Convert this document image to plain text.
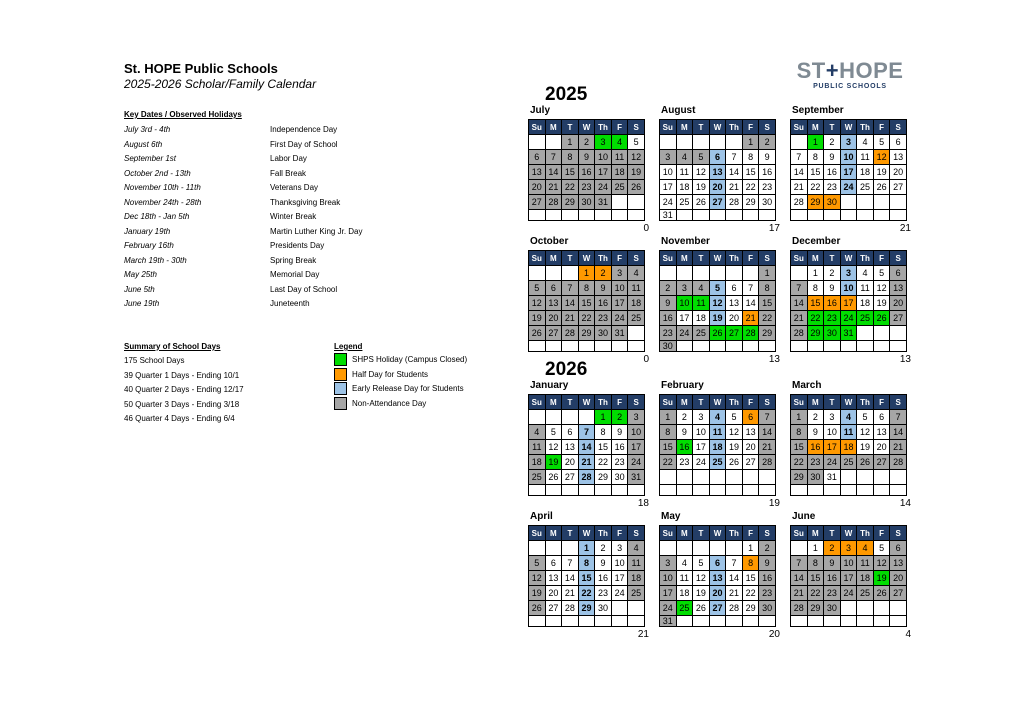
St. HOPE Public Schools
2025-2026 Scholar/Family Calendar
ST+HOPE
PUBLIC SCHOOLS
Key Dates / Observed Holidays
July 3rd - 4th	Independence Day
August 6th	First Day of School
September 1st	Labor Day
October 2nd - 13th	Fall Break
November 10th - 11th	Veterans Day
November 24th - 28th	Thanksgiving Break
Dec 18th - Jan 5th	Winter Break
January 19th	Martin Luther King Jr. Day
February 16th	Presidents Day
March 19th - 30th	Spring Break
May 25th	Memorial Day
June 5th	Last Day of School
June 19th	Juneteenth
Summary of School Days
175 School Days
39 Quarter 1 Days - Ending 10/1
40 Quarter 2 Days - Ending 12/17
50 Quarter 3 Days - Ending 3/18
46 Quarter 4 Days - Ending 6/4
Legend
SHPS Holiday (Campus Closed)
Half Day for Students
Early Release Day for Students
Non-Attendance Day
2025
2026
July
Su	M	T	W	Th	F	S
		1	2	3	4	5
6	7	8	9	10	11	12
13	14	15	16	17	18	19
20	21	22	23	24	25	26
27	28	29	30	31		

0
August
Su	M	T	W	Th	F	S
					1	2
3	4	5	6	7	8	9
10	11	12	13	14	15	16
17	18	19	20	21	22	23
24	25	26	27	28	29	30
31						
17
September
Su	M	T	W	Th	F	S
	1	2	3	4	5	6
7	8	9	10	11	12	13
14	15	16	17	18	19	20
21	22	23	24	25	26	27
28	29	30				

21
October
Su	M	T	W	Th	F	S
			1	2	3	4
5	6	7	8	9	10	11
12	13	14	15	16	17	18
19	20	21	22	23	24	25
26	27	28	29	30	31	

0
November
Su	M	T	W	Th	F	S
						1
2	3	4	5	6	7	8
9	10	11	12	13	14	15
16	17	18	19	20	21	22
23	24	25	26	27	28	29
30						
13
December
Su	M	T	W	Th	F	S
	1	2	3	4	5	6
7	8	9	10	11	12	13
14	15	16	17	18	19	20
21	22	23	24	25	26	27
28	29	30	31			

13
January
Su	M	T	W	Th	F	S
				1	2	3
4	5	6	7	8	9	10
11	12	13	14	15	16	17
18	19	20	21	22	23	24
25	26	27	28	29	30	31

18
February
Su	M	T	W	Th	F	S
1	2	3	4	5	6	7
8	9	10	11	12	13	14
15	16	17	18	19	20	21
22	23	24	25	26	27	28

19
March
Su	M	T	W	Th	F	S
1	2	3	4	5	6	7
8	9	10	11	12	13	14
15	16	17	18	19	20	21
22	23	24	25	26	27	28
29	30	31				

14
April
Su	M	T	W	Th	F	S
			1	2	3	4
5	6	7	8	9	10	11
12	13	14	15	16	17	18
19	20	21	22	23	24	25
26	27	28	29	30		

21
May
Su	M	T	W	Th	F	S
					1	2
3	4	5	6	7	8	9
10	11	12	13	14	15	16
17	18	19	20	21	22	23
24	25	26	27	28	29	30
31						
20
June
Su	M	T	W	Th	F	S
	1	2	3	4	5	6
7	8	9	10	11	12	13
14	15	16	17	18	19	20
21	22	23	24	25	26	27
28	29	30				

4
